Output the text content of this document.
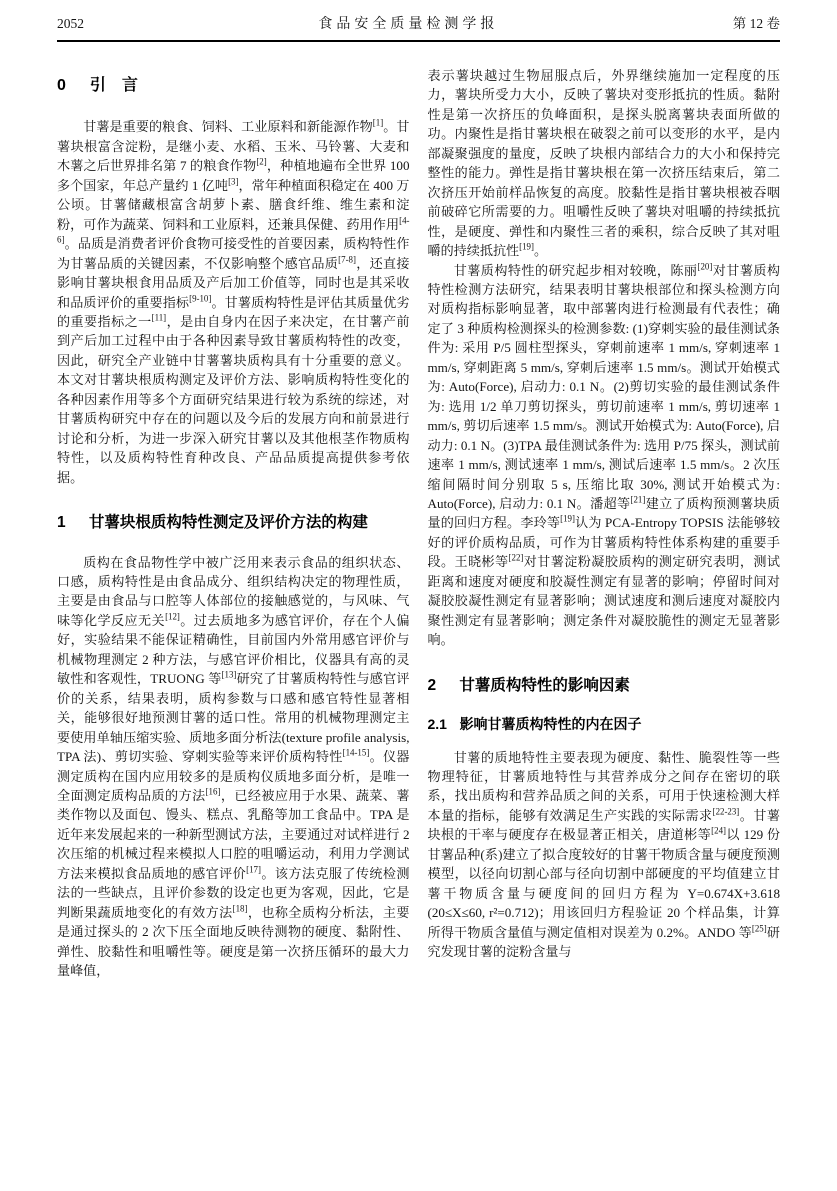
2052	食品安全质量检测学报	第 12 卷
0 引　言

甘薯是重要的粮食、饲料、工业原料和新能源作物[1]。甘薯块根富含淀粉，是继小麦、水稻、玉米、马铃薯、大麦和木薯之后世界排名第 7 的粮食作物[2]，种植地遍布全世界 100 多个国家，年总产量约 1 亿吨[3]，常年种植面积稳定在 400 万公顷。甘薯储藏根富含胡萝卜素、膳食纤维、维生素和淀粉，可作为蔬菜、饲料和工业原料，还兼具保健、药用作用[4-6]。品质是消费者评价食物可接受性的首要因素，质构特性作为甘薯品质的关键因素，不仅影响整个感官品质[7-8]，还直接影响甘薯块根食用品质及产后加工价值等，同时也是其采收和品质评价的重要指标[9-10]。甘薯质构特性是评估其质量优劣的重要指标之一[11]，是由自身内在因子来决定，在甘薯产前到产后加工过程中由于各种因素导致甘薯质构特性的改变，因此，研究全产业链中甘薯薯块质构具有十分重要的意义。本文对甘薯块根质构测定及评价方法、影响质构特性变化的各种因素作用等多个方面研究结果进行较为系统的综述，对甘薯质构研究中存在的问题以及今后的发展方向和前景进行讨论和分析，为进一步深入研究甘薯以及其他根茎作物质构特性，以及质构特性育种改良、产品品质提高提供参考依据。

1 甘薯块根质构特性测定及评价方法的构建

质构在食品物性学中被广泛用来表示食品的组织状态、口感，质构特性是由食品成分、组织结构决定的物理性质，主要是由食品与口腔等人体部位的接触感觉的，与风味、气味等化学反应无关[12]。过去质地多为感官评价，存在个人偏好，实验结果不能保证精确性，目前国内外常用感官评价与机械物理测定 2 种方法，与感官评价相比，仪器具有高的灵敏性和客观性，TRUONG 等[13]研究了甘薯质构特性与感官评价的关系，结果表明，质构参数与口感和感官特性显著相关，能够很好地预测甘薯的适口性。常用的机械物理测定主要使用单轴压缩实验、质地多面分析法(texture profile analysis, TPA 法)、剪切实验、穿刺实验等来评价质构特性[14-15]。仪器测定质构在国内应用较多的是质构仪质地多面分析，是唯一全面测定质构品质的方法[16]，已经被应用于水果、蔬菜、薯类作物以及面包、馒头、糕点、乳酪等加工食品中。TPA 是近年来发展起来的一种新型测试方法，主要通过对试样进行 2 次压缩的机械过程来模拟人口腔的咀嚼运动，利用力学测试方法来模拟食品质地的感官评价[17]。该方法克服了传统检测法的一些缺点，且评价参数的设定也更为客观，因此，它是判断果蔬质地变化的有效方法[18]，也称全质构分析法，主要是通过探头的 2 次下压全面地反映待测物的硬度、黏附性、弹性、胶黏性和咀嚼性等。硬度是第一次挤压循环的最大力量峰值，

表示薯块越过生物屈服点后，外界继续施加一定程度的压力，薯块所受力大小，反映了薯块对变形抵抗的性质。黏附性是第一次挤压的负峰面积，是探头脱离薯块表面所做的功。内聚性是指甘薯块根在破裂之前可以变形的水平，是内部凝聚强度的量度，反映了块根内部结合力的大小和保持完整性的能力。弹性是指甘薯块根在第一次挤压结束后，第二次挤压开始前样品恢复的高度。胶黏性是指甘薯块根被吞咽前破碎它所需要的力。咀嚼性反映了薯块对咀嚼的持续抵抗性，是硬度、弹性和内聚性三者的乘积，综合反映了其对咀嚼的持续抵抗性[19]。

甘薯质构特性的研究起步相对较晚，陈丽[20]对甘薯质构特性检测方法研究，结果表明甘薯块根部位和探头检测方向对质构指标影响显著，取中部薯肉进行检测最有代表性；确定了 3 种质构检测探头的检测参数: (1)穿刺实验的最佳测试条件为: 采用 P/5 圆柱型探头，穿刺前速率 1 mm/s, 穿刺速率 1 mm/s, 穿刺距离 5 mm/s, 穿刺后速率 1.5 mm/s。测试开始模式为: Auto(Force), 启动力: 0.1 N。(2)剪切实验的最佳测试条件为: 选用 1/2 单刀剪切探头，剪切前速率 1 mm/s, 剪切速率 1 mm/s, 剪切后速率 1.5 mm/s。测试开始模式为: Auto(Force), 启动力: 0.1 N。(3)TPA 最佳测试条件为: 选用 P/75 探头，测试前速率 1 mm/s, 测试速率 1 mm/s, 测试后速率 1.5 mm/s。2 次压缩间隔时间分别取 5 s, 压缩比取 30%, 测试开始模式为: Auto(Force), 启动力: 0.1 N。潘超等[21]建立了质构预测薯块质量的回归方程。李玲等[19]认为 PCA-Entropy TOPSIS 法能够较好的评价质构品质，可作为甘薯质构特性体系构建的重要手段。王晓彬等[22]对甘薯淀粉凝胶质构的测定研究表明，测试距离和速度对硬度和胶凝性测定有显著的影响；停留时间对凝胶胶凝性测定有显著影响；测试速度和测后速度对凝胶内聚性测定有显著影响；测定条件对凝胶脆性的测定无显著影响。

2 甘薯质构特性的影响因素
2.1 影响甘薯质构特性的内在因子

甘薯的质地特性主要表现为硬度、黏性、脆裂性等一些物理特征，甘薯质地特性与其营养成分之间存在密切的联系，找出质构和营养品质之间的关系，可用于快速检测大样本量的指标，能够有效满足生产实践的实际需求[22-23]。甘薯块根的干率与硬度存在极显著正相关，唐道彬等[24]以 129 份甘薯品种(系)建立了拟合度较好的甘薯干物质含量与硬度预测模型，以径向切割心部与径向切割中部硬度的平均值建立甘薯干物质含量与硬度间的回归方程为 Y=0.674X+3.618 (20≤X≤60, r²=0.712)；用该回归方程验证 20 个样品集，计算所得干物质含量值与测定值相对误差为 0.2%。ANDO 等[25]研究发现甘薯的淀粉含量与
